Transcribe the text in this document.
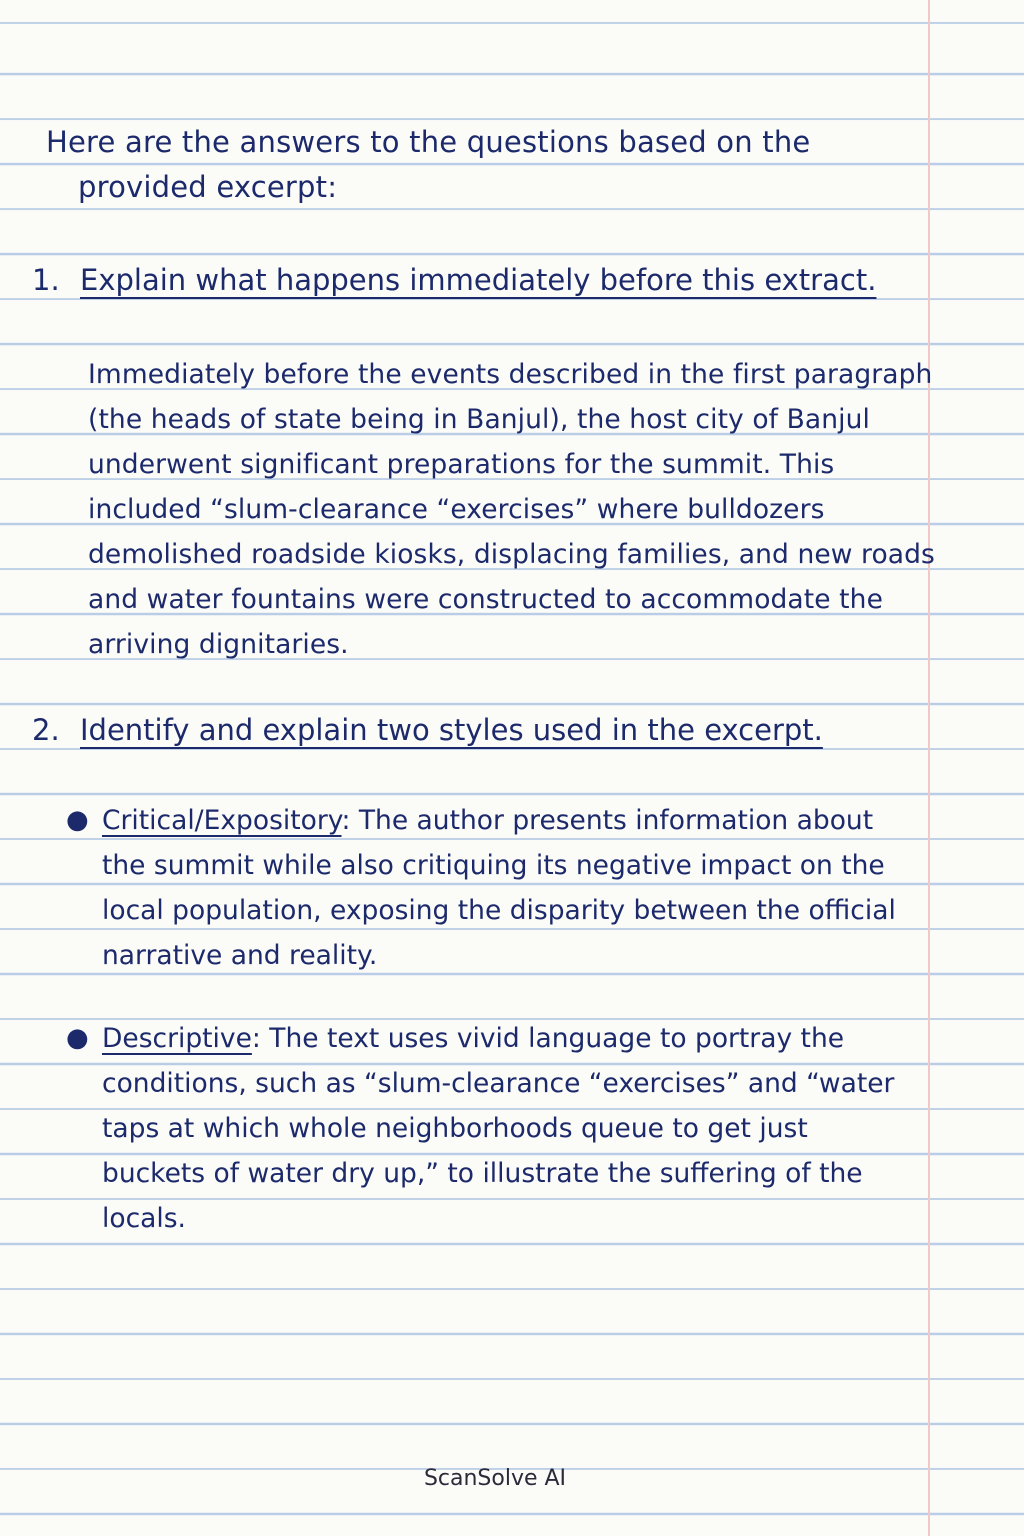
Here are the answers to the questions based on the
provided excerpt:
1. Explain what happens immediately before this extract.
Immediately before the events described in the first paragraph (the heads of state being in Banjul), the host city of Banjul underwent significant preparations for the summit. This included “slum-clearance “exercises” where bulldozers demolished roadside kiosks, displacing families, and new roads and water fountains were constructed to accommodate the arriving dignitaries.
2. Identify and explain two styles used in the excerpt.
● Critical/Expository: The author presents information about the summit while also critiquing its negative impact on the local population, exposing the disparity between the official narrative and reality.
● Descriptive: The text uses vivid language to portray the conditions, such as “slum-clearance “exercises” and “water taps at which whole neighborhoods queue to get just buckets of water dry up,” to illustrate the suffering of the locals.
ScanSolve AI
